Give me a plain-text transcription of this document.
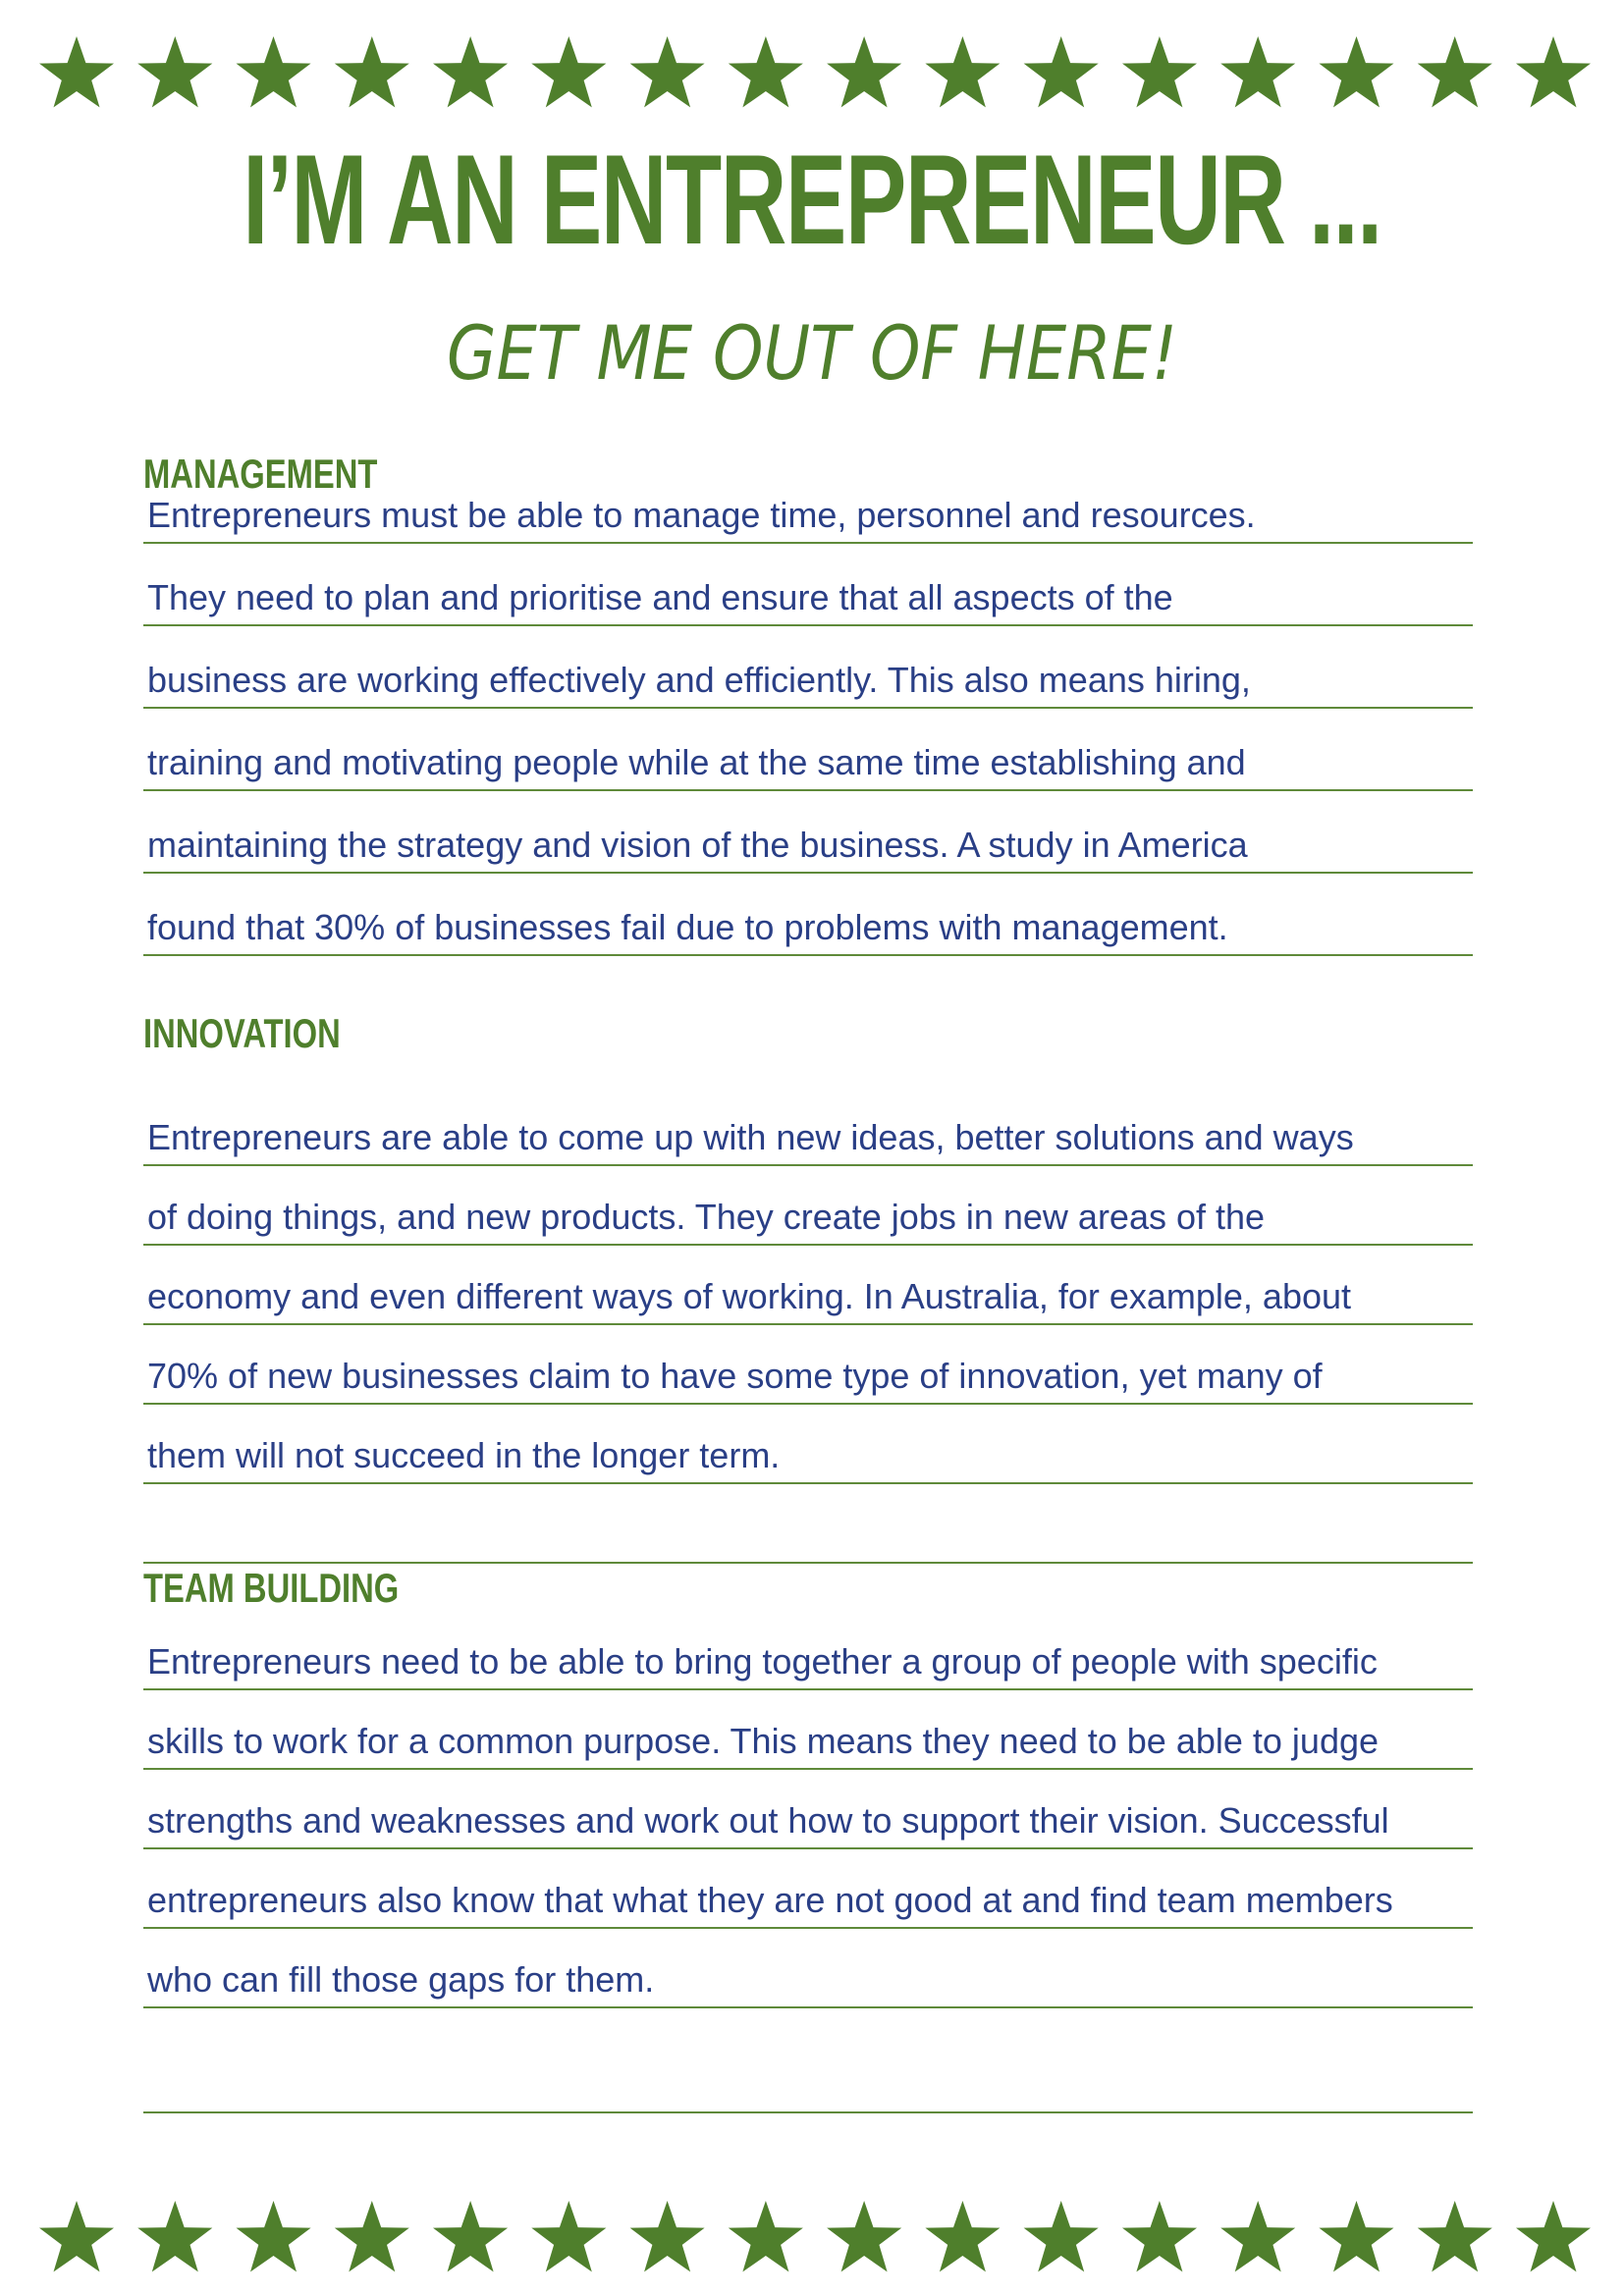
I’M AN ENTREPRENEUR ...
GET ME OUT OF HERE!
MANAGEMENT
Entrepreneurs must be able to manage time, personnel and resources.
They need to plan and prioritise and ensure that all aspects of the
business are working effectively and efficiently. This also means hiring,
training and motivating people while at the same time establishing and
maintaining the strategy and vision of the business. A study in America
found that 30% of businesses fail due to problems with management.
INNOVATION
Entrepreneurs are able to come up with new ideas, better solutions and ways
of doing things, and new products. They create jobs in new areas of the
economy and even different ways of working. In Australia, for example, about
70% of new businesses claim to have some type of innovation, yet many of
them will not succeed in the longer term.
TEAM BUILDING
Entrepreneurs need to be able to bring together a group of people with specific
skills to work for a common purpose. This means they need to be able to judge
strengths and weaknesses and work out how to support their vision. Successful
entrepreneurs also know that what they are not good at and find team members
who can fill those gaps for them.
